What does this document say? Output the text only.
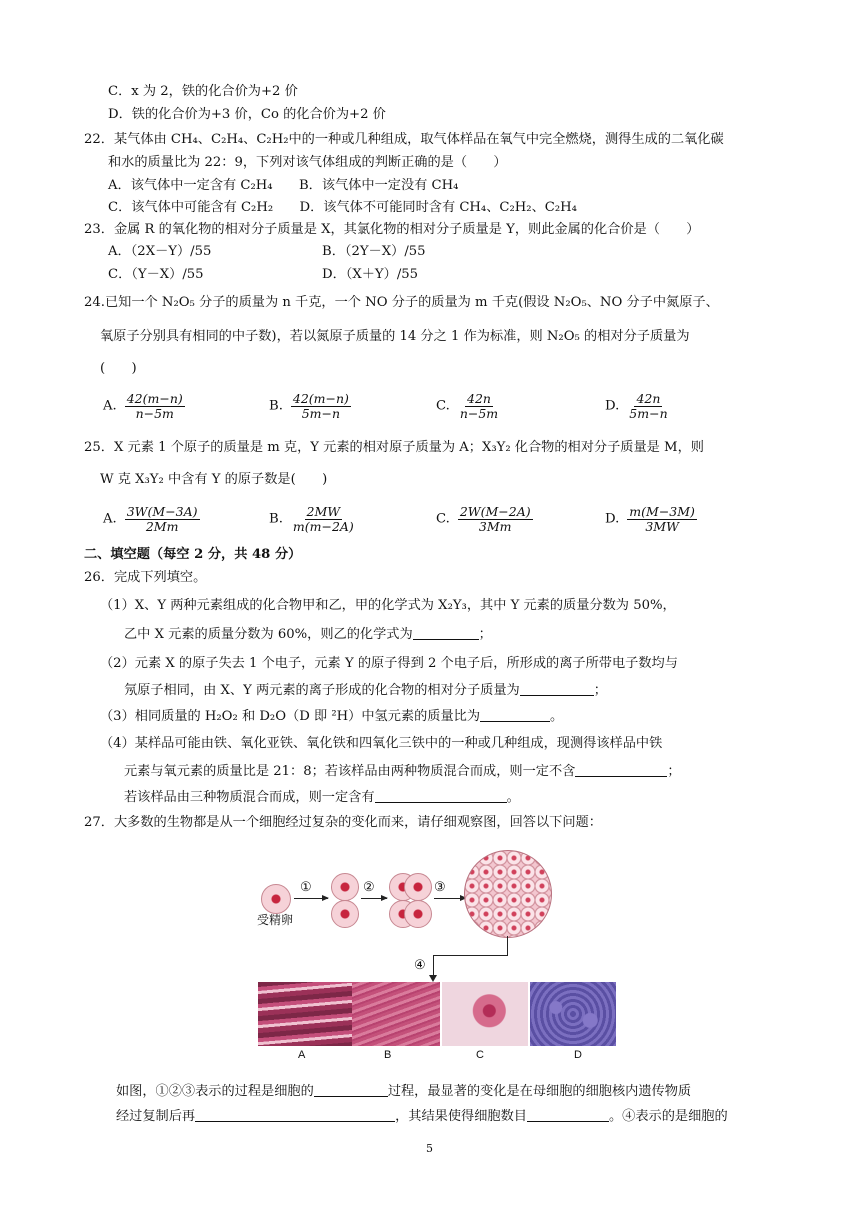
C．x 为 2，铁的化合价为+2 价
D．铁的化合价为+3 价，Co 的化合价为+2 价
22．某气体由 CH₄、C₂H₄、C₂H₂中的一种或几种组成，取气体样品在氧气中完全燃烧，测得生成的二氧化碳
和水的质量比为 22：9，下列对该气体组成的判断正确的是（　　）
A．该气体中一定含有 C₂H₄　　B．该气体中一定没有 CH₄
C．该气体中可能含有 C₂H₂　　D．该气体不可能同时含有 CH₄、C₂H₂、C₂H₄
23．金属 R 的氧化物的相对分子质量是 X，其氯化物的相对分子质量是 Y，则此金属的化合价是（　　）
A．（2X－Y）/55	B．（2Y－X）/55
C．（Y－X）/55	D．（X＋Y）/55
24.已知一个 N₂O₅ 分子的质量为 n 千克，一个 NO 分子的质量为 m 千克(假设 N₂O₅、NO 分子中氮原子、
氧原子分别具有相同的中子数)，若以氮原子质量的 14 分之 1 作为标准，则 N₂O₅ 的相对分子质量为
(　　)
A. $\frac{42(m-n)}{n-5m}$	B. $\frac{42(m-n)}{5m-n}$	C. $\frac{42n}{n-5m}$	D. $\frac{42n}{5m-n}$
25．X 元素 1 个原子的质量是 m 克，Y 元素的相对原子质量为 A；X₃Y₂ 化合物的相对分子质量是 M，则
W 克 X₃Y₂ 中含有 Y 的原子数是(　　)
A. $\frac{3W(M-3A)}{2Mm}$	B. $\frac{2MW}{m(m-2A)}$	C. $\frac{2W(M-2A)}{3Mm}$	D. $\frac{m(M-3M)}{3MW}$
二、填空题（每空 2 分，共 48 分）
26．完成下列填空。
（1）X、Y 两种元素组成的化合物甲和乙，甲的化学式为 X₂Y₃，其中 Y 元素的质量分数为 50%，
乙中 X 元素的质量分数为 60%，则乙的化学式为	；
（2）元素 X 的原子失去 1 个电子，元素 Y 的原子得到 2 个电子后，所形成的离子所带电子数均与
氖原子相同，由 X、Y 两元素的离子形成的化合物的相对分子质量为	；
（3）相同质量的 H₂O₂ 和 D₂O（D 即 ²H）中氢元素的质量比为	。
（4）某样品可能由铁、氧化亚铁、氧化铁和四氧化三铁中的一种或几种组成，现测得该样品中铁
元素与氧元素的质量比是 21：8；若该样品由两种物质混合而成，则一定不含	；
若该样品由三种物质混合而成，则一定含有	。
27．大多数的生物都是从一个细胞经过复杂的变化而来，请仔细观察图，回答以下问题：
受精卵
①	②	③
④
A	B	C	D
如图，①②③表示的过程是细胞的	过程，最显著的变化是在母细胞的细胞核内遗传物质
经过复制后再	，其结果使得细胞数目	。④表示的是细胞的
5
